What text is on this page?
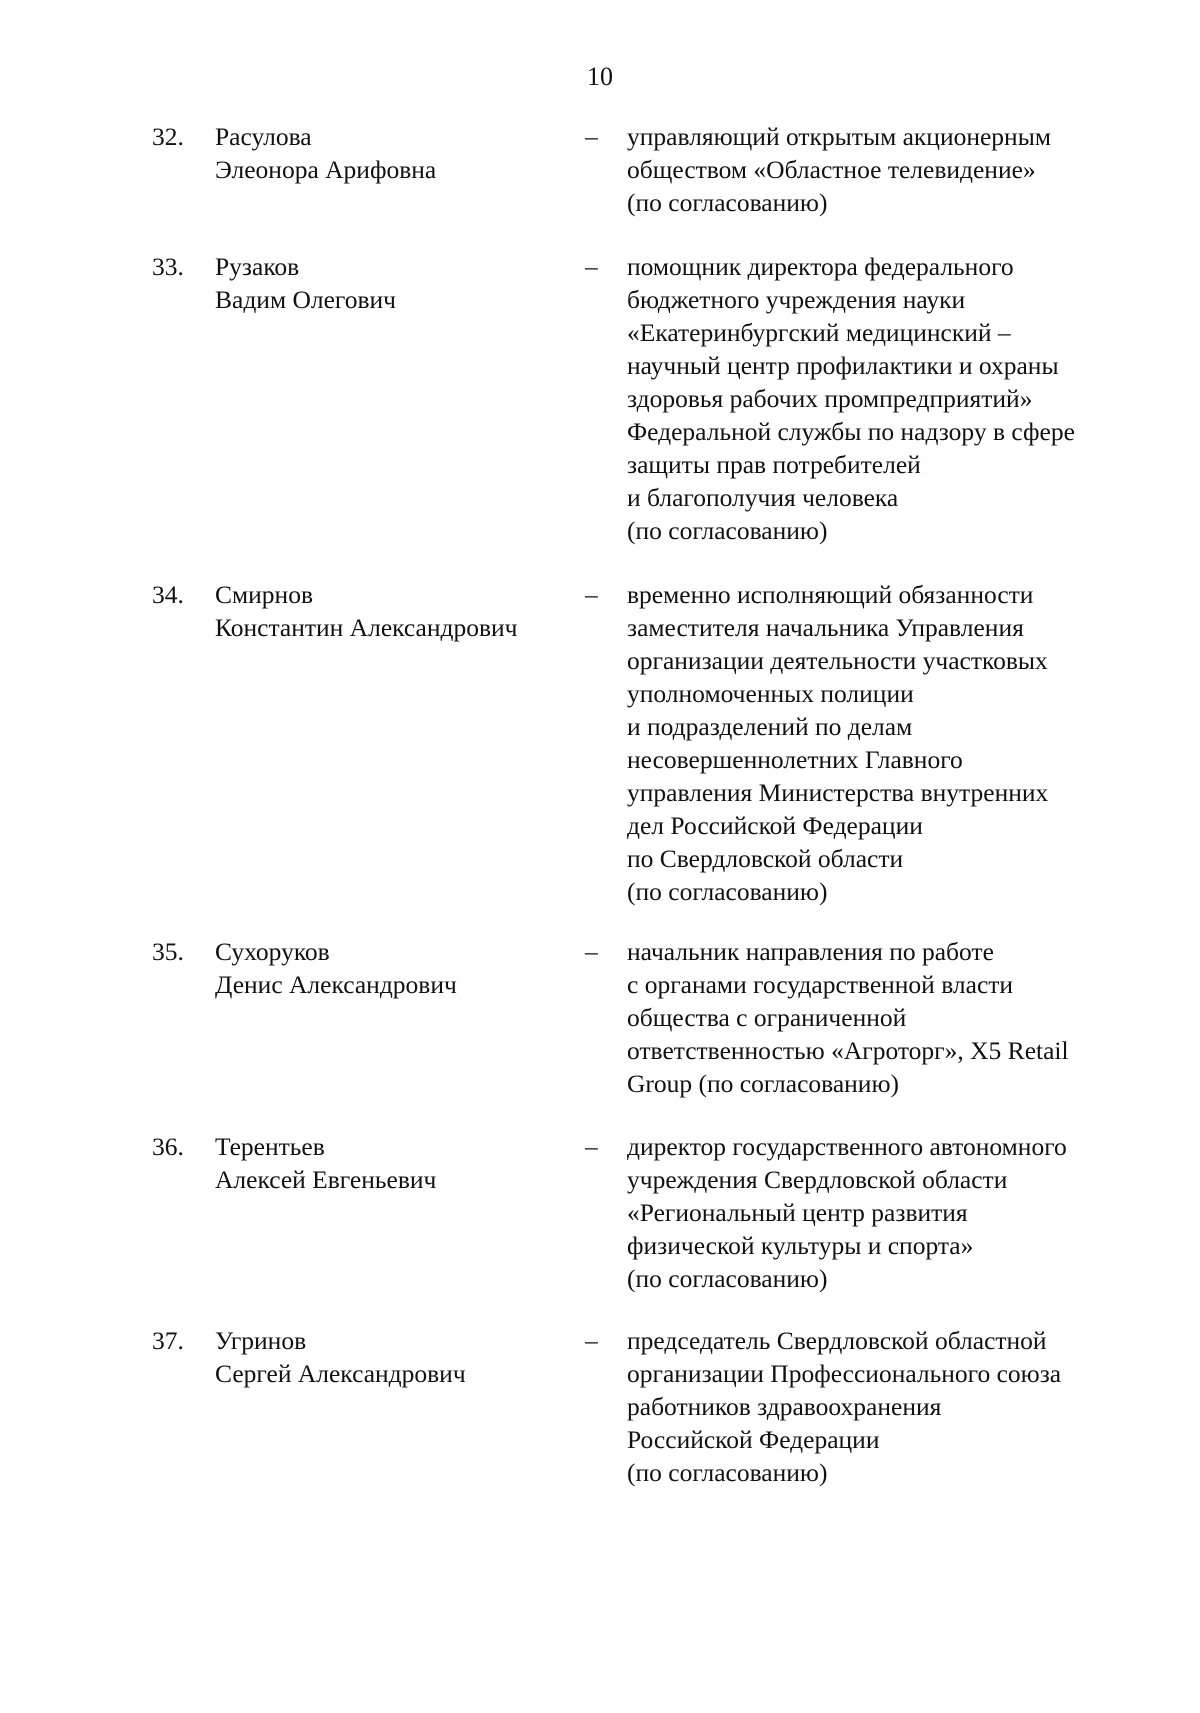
10
32. Расулова
Элеонора Арифовна
– управляющий открытым акционерным
обществом «Областное телевидение»
(по согласованию)
33. Рузаков
Вадим Олегович
– помощник директора федерального
бюджетного учреждения науки
«Екатеринбургский медицинский –
научный центр профилактики и охраны
здоровья рабочих промпредприятий»
Федеральной службы по надзору в сфере
защиты прав потребителей
и благополучия человека
(по согласованию)
34. Смирнов
Константин Александрович
– временно исполняющий обязанности
заместителя начальника Управления
организации деятельности участковых
уполномоченных полиции
и подразделений по делам
несовершеннолетних Главного
управления Министерства внутренних
дел Российской Федерации
по Свердловской области
(по согласованию)
35. Сухоруков
Денис Александрович
– начальник направления по работе
с органами государственной власти
общества с ограниченной
ответственностью «Агроторг», X5 Retail
Group (по согласованию)
36. Терентьев
Алексей Евгеньевич
– директор государственного автономного
учреждения Свердловской области
«Региональный центр развития
физической культуры и спорта»
(по согласованию)
37. Угринов
Сергей Александрович
– председатель Свердловской областной
организации Профессионального союза
работников здравоохранения
Российской Федерации
(по согласованию)
